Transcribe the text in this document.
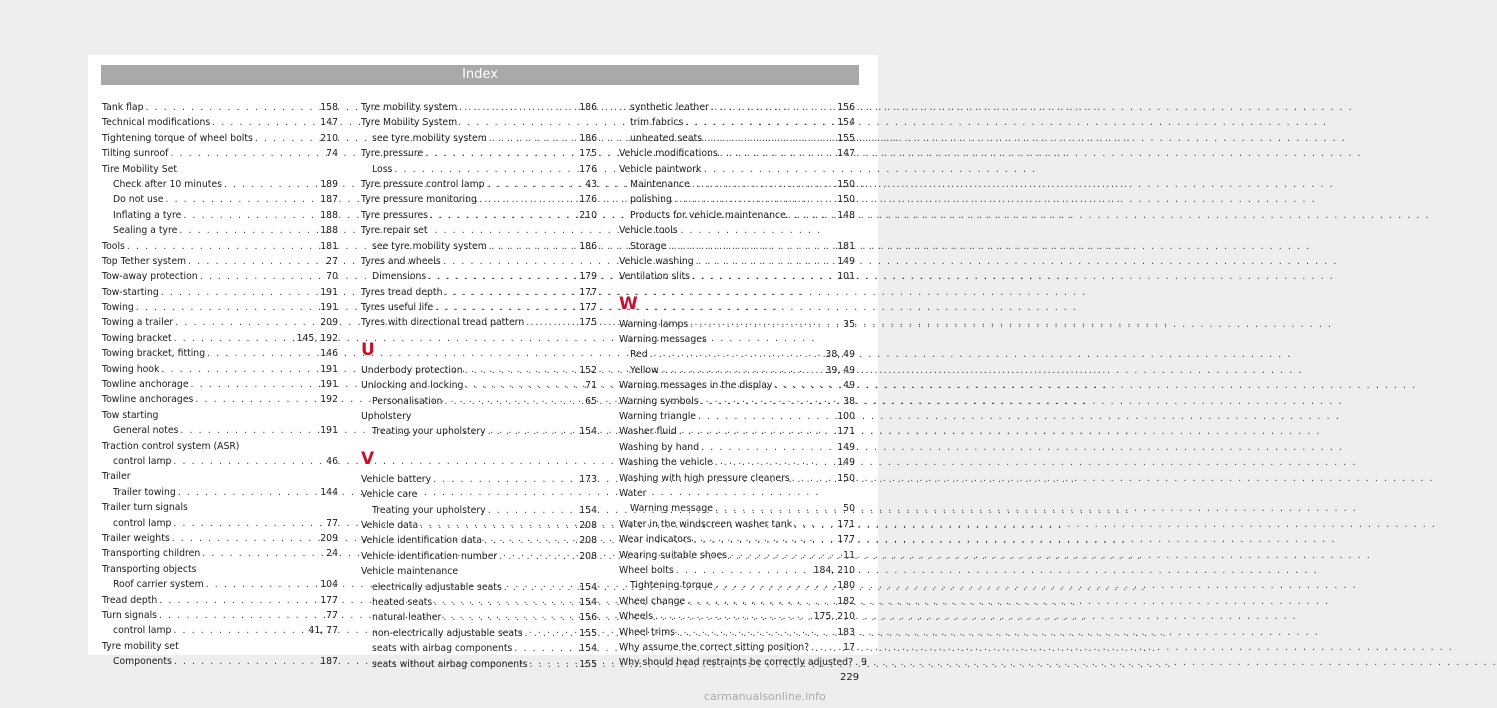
Index
Tank flap . . .	158
Technical modifications . . .	147
Tightening torque of wheel bolts . . .	210
Tilting sunroof . . .	74
Tire Mobility Set
Check after 10 minutes . . .	189
Do not use . . .	187
Inflating a tyre . . .	188
Sealing a tyre . . .	188
Tools . . .	181
Top Tether system . . .	27
Tow-away protection . . .	70
Tow-starting . . .	191
Towing . . .	191
Towing a trailer . . .	209
Towing bracket . . .	145, 192
Towing bracket, fitting . . .	146
Towing hook . . .	191
Towline anchorage . . .	191
Towline anchorages . . .	192
Tow starting
General notes . . .	191
Traction control system (ASR)
control lamp . . .	46
Trailer
Trailer towing . . .	144
Trailer turn signals
control lamp . . .	77
Trailer weights . . .	209
Transporting children . . .	24
Transporting objects
Roof carrier system . . .	104
Tread depth . . .	177
Turn signals . . .	77
control lamp . . .	41, 77
Tyre mobility set
Components . . .	187
Tyre mobility system . . .	186
Tyre Mobility System
see tyre mobility system . . .	186
Tyre pressure . . .	175
Loss . . .	176
Tyre pressure control lamp . . .	43
Tyre pressure monitoring . . .	176
Tyre pressures . . .	210
Tyre repair set
see tyre mobility system . . .	186
Tyres and wheels
Dimensions . . .	179
Tyres tread depth . . .	177
Tyres useful life . . .	177
Tyres with directional tread pattern . . .	175
U
Underbody protection . . .	152
Unlocking and locking . . .	71
Personalisation . . .	65
Upholstery
Treating your upholstery . . .	154
V
Vehicle battery . . .	173
Vehicle care
Treating your upholstery . . .	154
Vehicle data . . .	208
Vehicle identification data . . .	208
Vehicle identification number . . .	208
Vehicle maintenance
electrically adjustable seats . . .	154
heated seats . . .	154
natural leather . . .	156
non-electrically adjustable seats . . .	155
seats with airbag components . . .	154
seats without airbag components . . .	155
synthetic leather . . .	156
trim fabrics . . .	154
unheated seats . . .	155
Vehicle modifications . . .	147
Vehicle paintwork
Maintenance . . .	150
polishing . . .	150
Products for vehicle maintenance . . .	148
Vehicle tools
Storage . . .	181
Vehicle washing . . .	149
Ventilation slits . . .	101
W
Warning lamps . . .	35
Warning messages
Red . . .	38, 49
Yellow . . .	39, 49
Warning messages in the display . . .	49
Warning symbols . . .	38
Warning triangle . . .	100
Washer fluid . . .	171
Washing by hand . . .	149
Washing the vehicle . . .	149
Washing with high pressure cleaners . . .	150
Water
Warning message . . .	50
Water in the windscreen washer tank . . .	171
Wear indicators . . .	177
Wearing suitable shoes . . .	11
Wheel bolts . . .	184, 210
Tightening torque . . .	180
Wheel change . . .	182
Wheels . . .	175, 210
Wheel trims . . .	183
Why assume the correct sitting position? . . .	17
Why should head restraints be correctly adjusted? . . . 9
229
carmanualsonline.info
